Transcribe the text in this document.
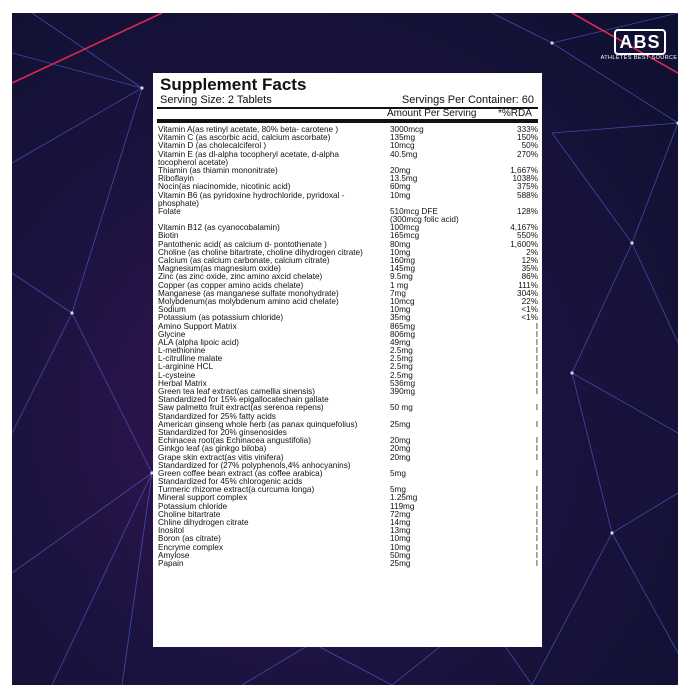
ABS
ATHLETES BEST SOURCE
Supplement Facts
Serving Size: 2 Tablets	Servings Per Container: 60
Amount Per Serving *%RDA
Vitamin A(as retinyl acetate, 80% beta- carotene )	3000mcg	333%
Vitamin C (as ascorbic acid, calcium ascorbate)	135mg	150%
Vitamin D (as cholecalciferol )	10mcg	50%
Vitamin E (as dl-alpha tocopheryl acetate, d-alpha	40.5mg	270%
tocopherol acetate)
Thiamin (as thiamin mononitrate)	20mg	1,667%
Riboflayin	13.5mg	1038%
Nocin(as niacinomide, nicotinic acid)	60mg	375%
Vitamin B6 (as pyridoxine hydrochloride, pyridoxal -	10mg	588%
phosphate)
Folate	510mcg DFE	128%
(300mcg folic acid)
Vitamin B12 (as cyanocobalamin)	100mcg	4,167%
Biotin	165mcg	550%
Pantothenic acid( as calcium d- pontothenate )	80mg	1,600%
Choline (as choline bitartrate, choline dihydrogen citrate)	10mg	2%
Calcium (as calcium carbonate, calcium citrate)	160mg	12%
Magnesium(as magnesium oxide)	145mg	35%
Zinc (as zinc oxide, zinc amino axcid chelate)	9.5mg	86%
Copper (as copper amino acids chelate)	1 mg	111%
Manganese (as manganese sulfate monohydrate)	7mg	304%
Molybdenum(as molybdenum amino acid chelate)	10mcg	22%
Sodium	10mg	<1%
Potassium (as potassium chloride)	35mg	<1%
Amino Support Matrix	865mg	ǀ
Glycine	806mg	ǀ
ALA (alpha lipoic acid)	49mg	ǀ
L-methionine	2.5mg	ǀ
L-citrulline malate	2.5mg	ǀ
L-arginine HCL	2.5mg	ǀ
L-cysteine	2.5mg	ǀ
Herbal Matrix	536mg	ǀ
Green tea leaf extract(as camellia sinensis)	390mg	ǀ
Standardized for 15% epigallocatechain gallate
Saw palmetto fruit extract(as serenoa repens)	50 mg	ǀ
Standardized for 25% fatty acids
American ginseng whole herb (as panax quinquefolius)	25mg	ǀ
Standardized for 20% ginsenosides
Echinacea root(as Echinacea angustifolia)	20mg	ǀ
Ginkgo leaf (as ginkgo biloba)	20mg	ǀ
Grape skin extract(as vitis vinifera)	20mg	ǀ
Standardized for (27% polyphenols,4% anhocyanins)
Green coffee bean extract (as coffee arabica)	5mg	ǀ
Standardized for 45% chlorogenic acids
Turmeric rhizome extract(a curcuma longa)	5mg	ǀ
Mineral support complex	1.25mg	ǀ
Potassium chloride	119mg	ǀ
Choline bitartrate	72mg	ǀ
Chline dihydrogen citrate	14mg	ǀ
Inositol	13mg	ǀ
Boron (as citrate)	10mg	ǀ
Encryme complex	10mg	ǀ
Amylose	50mg	ǀ
Papain	25mg	ǀ
ǀ daily value not established
